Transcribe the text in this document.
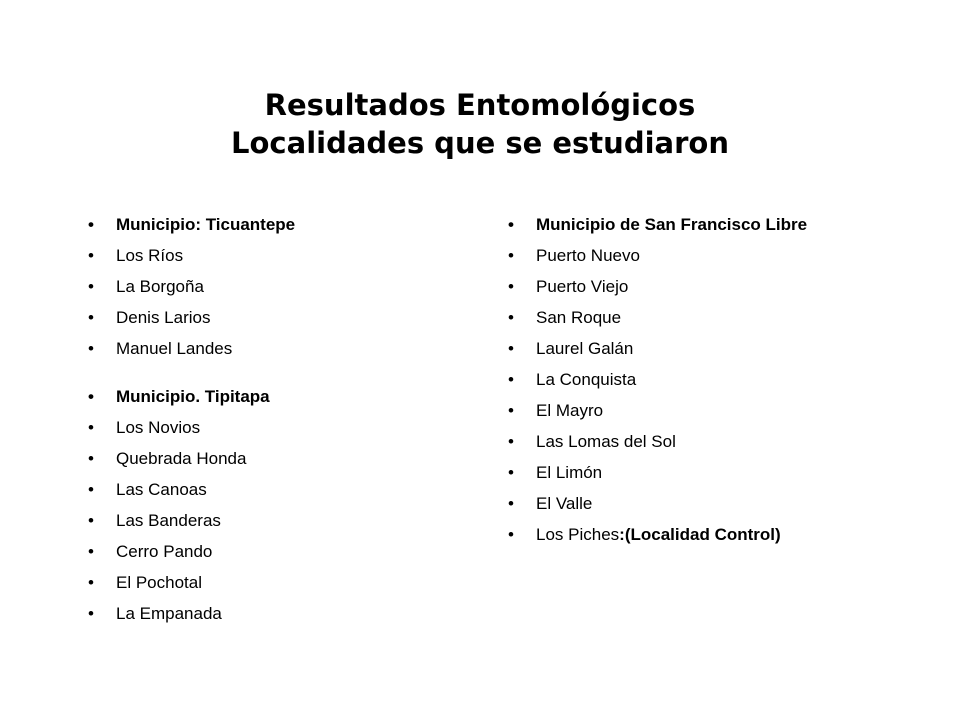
Resultados Entomológicos
Localidades que se estudiaron
• Municipio: Ticuantepe
• Los Ríos
• La Borgoña
• Denis Larios
• Manuel Landes
• Municipio. Tipitapa
• Los Novios
• Quebrada Honda
• Las Canoas
• Las Banderas
• Cerro Pando
• El Pochotal
• La Empanada
• Municipio de San Francisco Libre
• Puerto Nuevo
• Puerto Viejo
• San Roque
• Laurel Galán
• La Conquista
• El Mayro
• Las Lomas del Sol
• El Limón
• El Valle
• Los Piches:(Localidad Control)
